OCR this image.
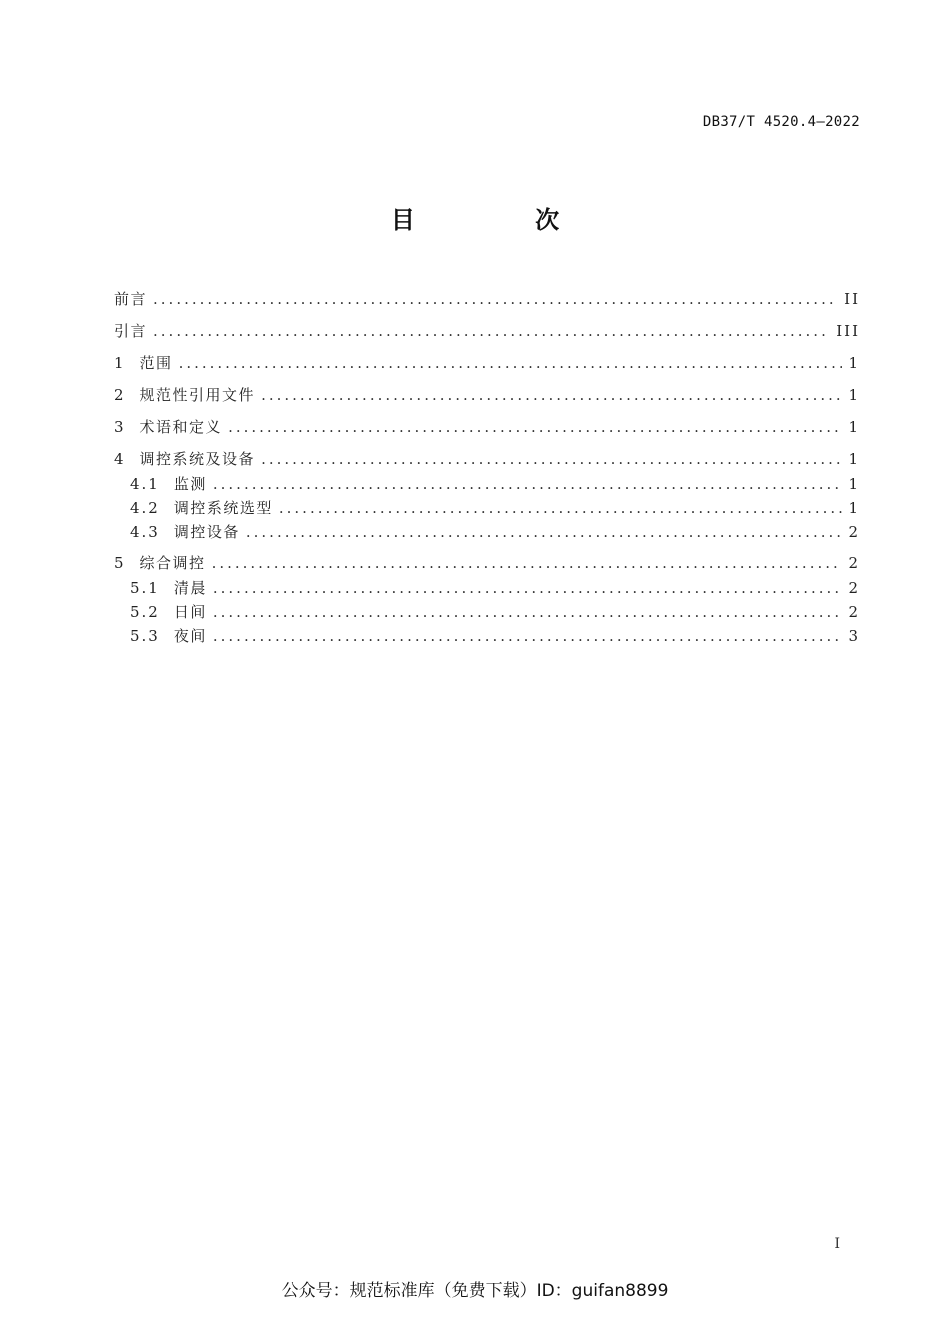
DB37/T 4520.4—2022
目 次
前言 .....	II
引言 .....	III
1 范围 .....	1
2 规范性引用文件 .....	1
3 术语和定义 .....	1
4 调控系统及设备 .....	1
4.1 监测 .....	1
4.2 调控系统选型 .....	1
4.3 调控设备 .....	2
5 综合调控 .....	2
5.1 清晨 .....	2
5.2 日间 .....	2
5.3 夜间 .....	3
I
公众号：规范标准库（免费下载）ID：guifan8899
